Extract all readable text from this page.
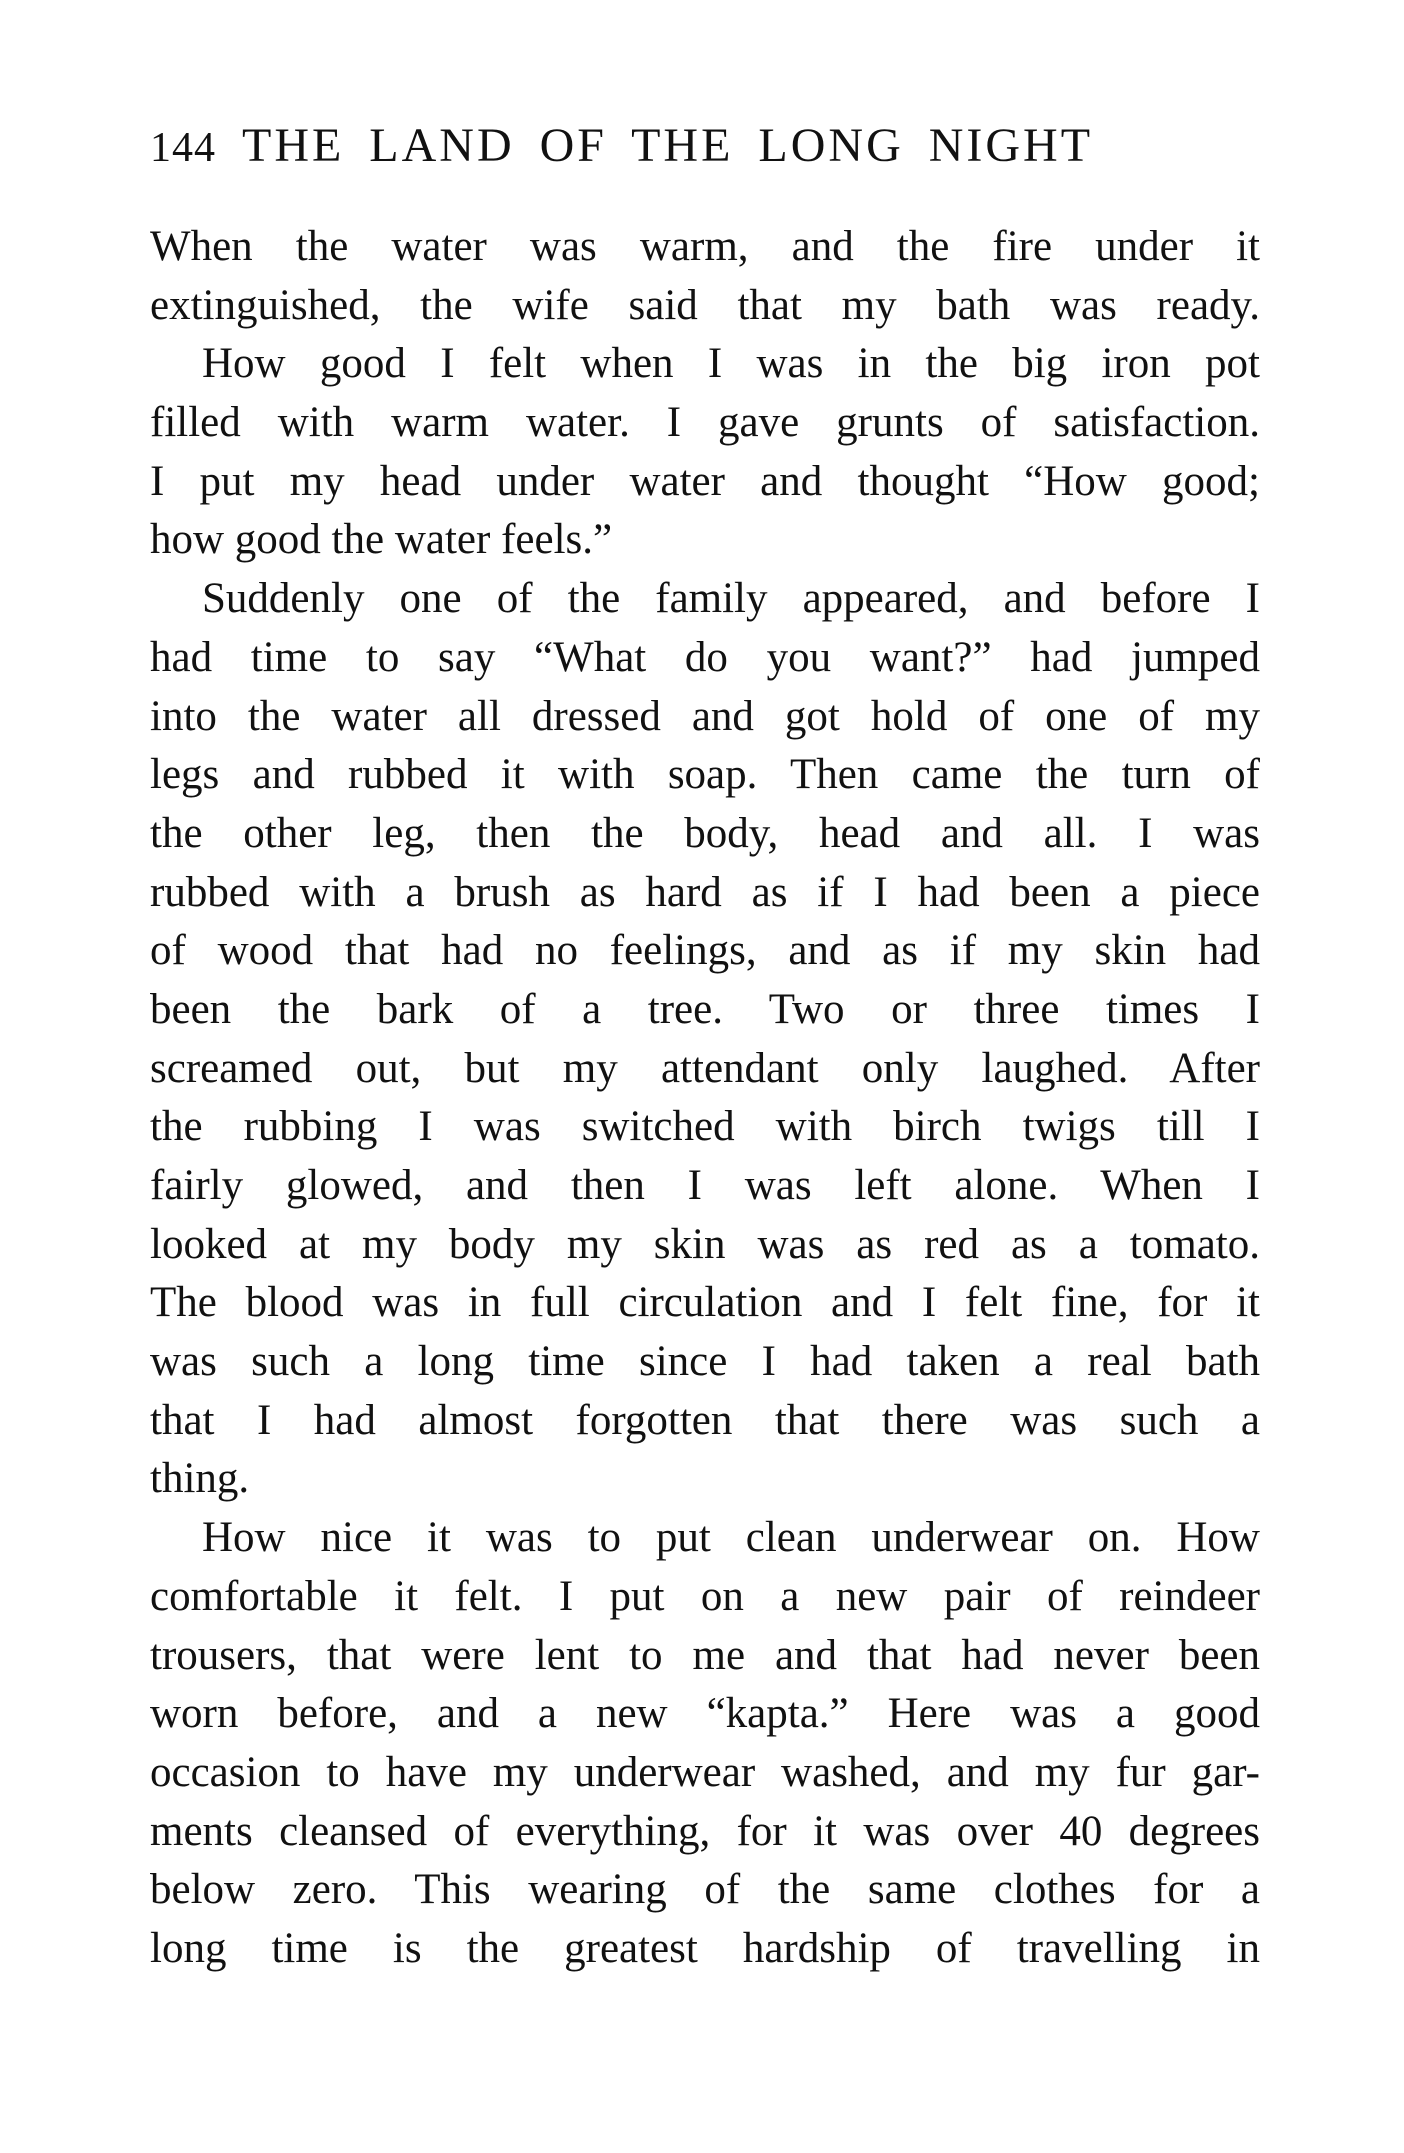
144 THE LAND OF THE LONG NIGHT
When the water was warm, and the fire under it
extinguished, the wife said that my bath was ready.
How good I felt when I was in the big iron pot
filled with warm water. I gave grunts of satisfaction.
I put my head under water and thought “How good;
how good the water feels.”
Suddenly one of the family appeared, and before I
had time to say “What do you want?” had jumped
into the water all dressed and got hold of one of my
legs and rubbed it with soap. Then came the turn of
the other leg, then the body, head and all. I was
rubbed with a brush as hard as if I had been a piece
of wood that had no feelings, and as if my skin had
been the bark of a tree. Two or three times I
screamed out, but my attendant only laughed. After
the rubbing I was switched with birch twigs till I
fairly glowed, and then I was left alone. When I
looked at my body my skin was as red as a tomato.
The blood was in full circulation and I felt fine, for it
was such a long time since I had taken a real bath
that I had almost forgotten that there was such a
thing.
How nice it was to put clean underwear on. How
comfortable it felt. I put on a new pair of reindeer
trousers, that were lent to me and that had never been
worn before, and a new “kapta.” Here was a good
occasion to have my underwear washed, and my fur gar-
ments cleansed of everything, for it was over 40 degrees
below zero. This wearing of the same clothes for a
long time is the greatest hardship of travelling in
